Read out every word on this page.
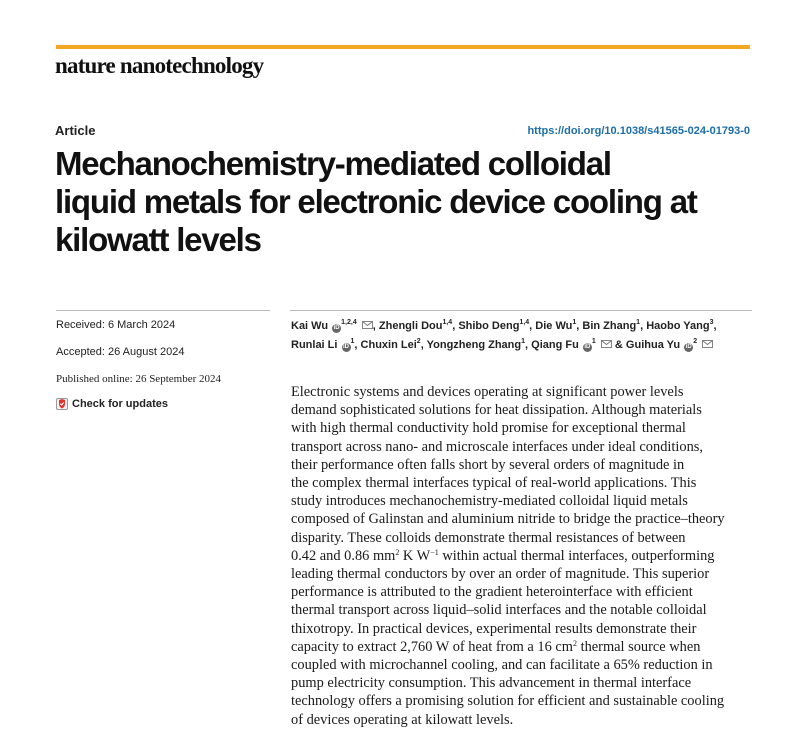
nature nanotechnology
Article	https://doi.org/10.1038/s41565-024-01793-0
Mechanochemistry-mediated colloidal
liquid metals for electronic device cooling at
kilowatt levels
Received: 6 March 2024
Accepted: 26 August 2024
Published online: 26 September 2024
Check for updates

Kai Wu iD$^{1,2,4}$ , Zhengli Dou$^{1,4}$, Shibo Deng$^{1,4}$, Die Wu$^1$, Bin Zhang$^1$, Haobo Yang$^3$, Runlai Li $iD^1$, Chuxin Lei$^2$, Yongzheng Zhang$^1$, Qiang Fu $iD^1$  & Guihua Yu $iD^2$

Electronic systems and devices operating at significant power levels
demand sophisticated solutions for heat dissipation. Although materials
with high thermal conductivity hold promise for exceptional thermal
transport across nano- and microscale interfaces under ideal conditions,
their performance often falls short by several orders of magnitude in
the complex thermal interfaces typical of real-world applications. This
study introduces mechanochemistry-mediated colloidal liquid metals
composed of Galinstan and aluminium nitride to bridge the practice–theory
disparity. These colloids demonstrate thermal resistances of between
0.42 and 0.86 $mm^2$ K $W^{-1}$ within actual thermal interfaces, outperforming
leading thermal conductors by over an order of magnitude. This superior
performance is attributed to the gradient heterointerface with efficient
thermal transport across liquid–solid interfaces and the notable colloidal
thixotropy. In practical devices, experimental results demonstrate their
capacity to extract 2,760 W of heat from a 16 $cm^2$ thermal source when
coupled with microchannel cooling, and can facilitate a 65% reduction in
pump electricity consumption. This advancement in thermal interface
technology offers a promising solution for efficient and sustainable cooling
of devices operating at kilowatt levels.
